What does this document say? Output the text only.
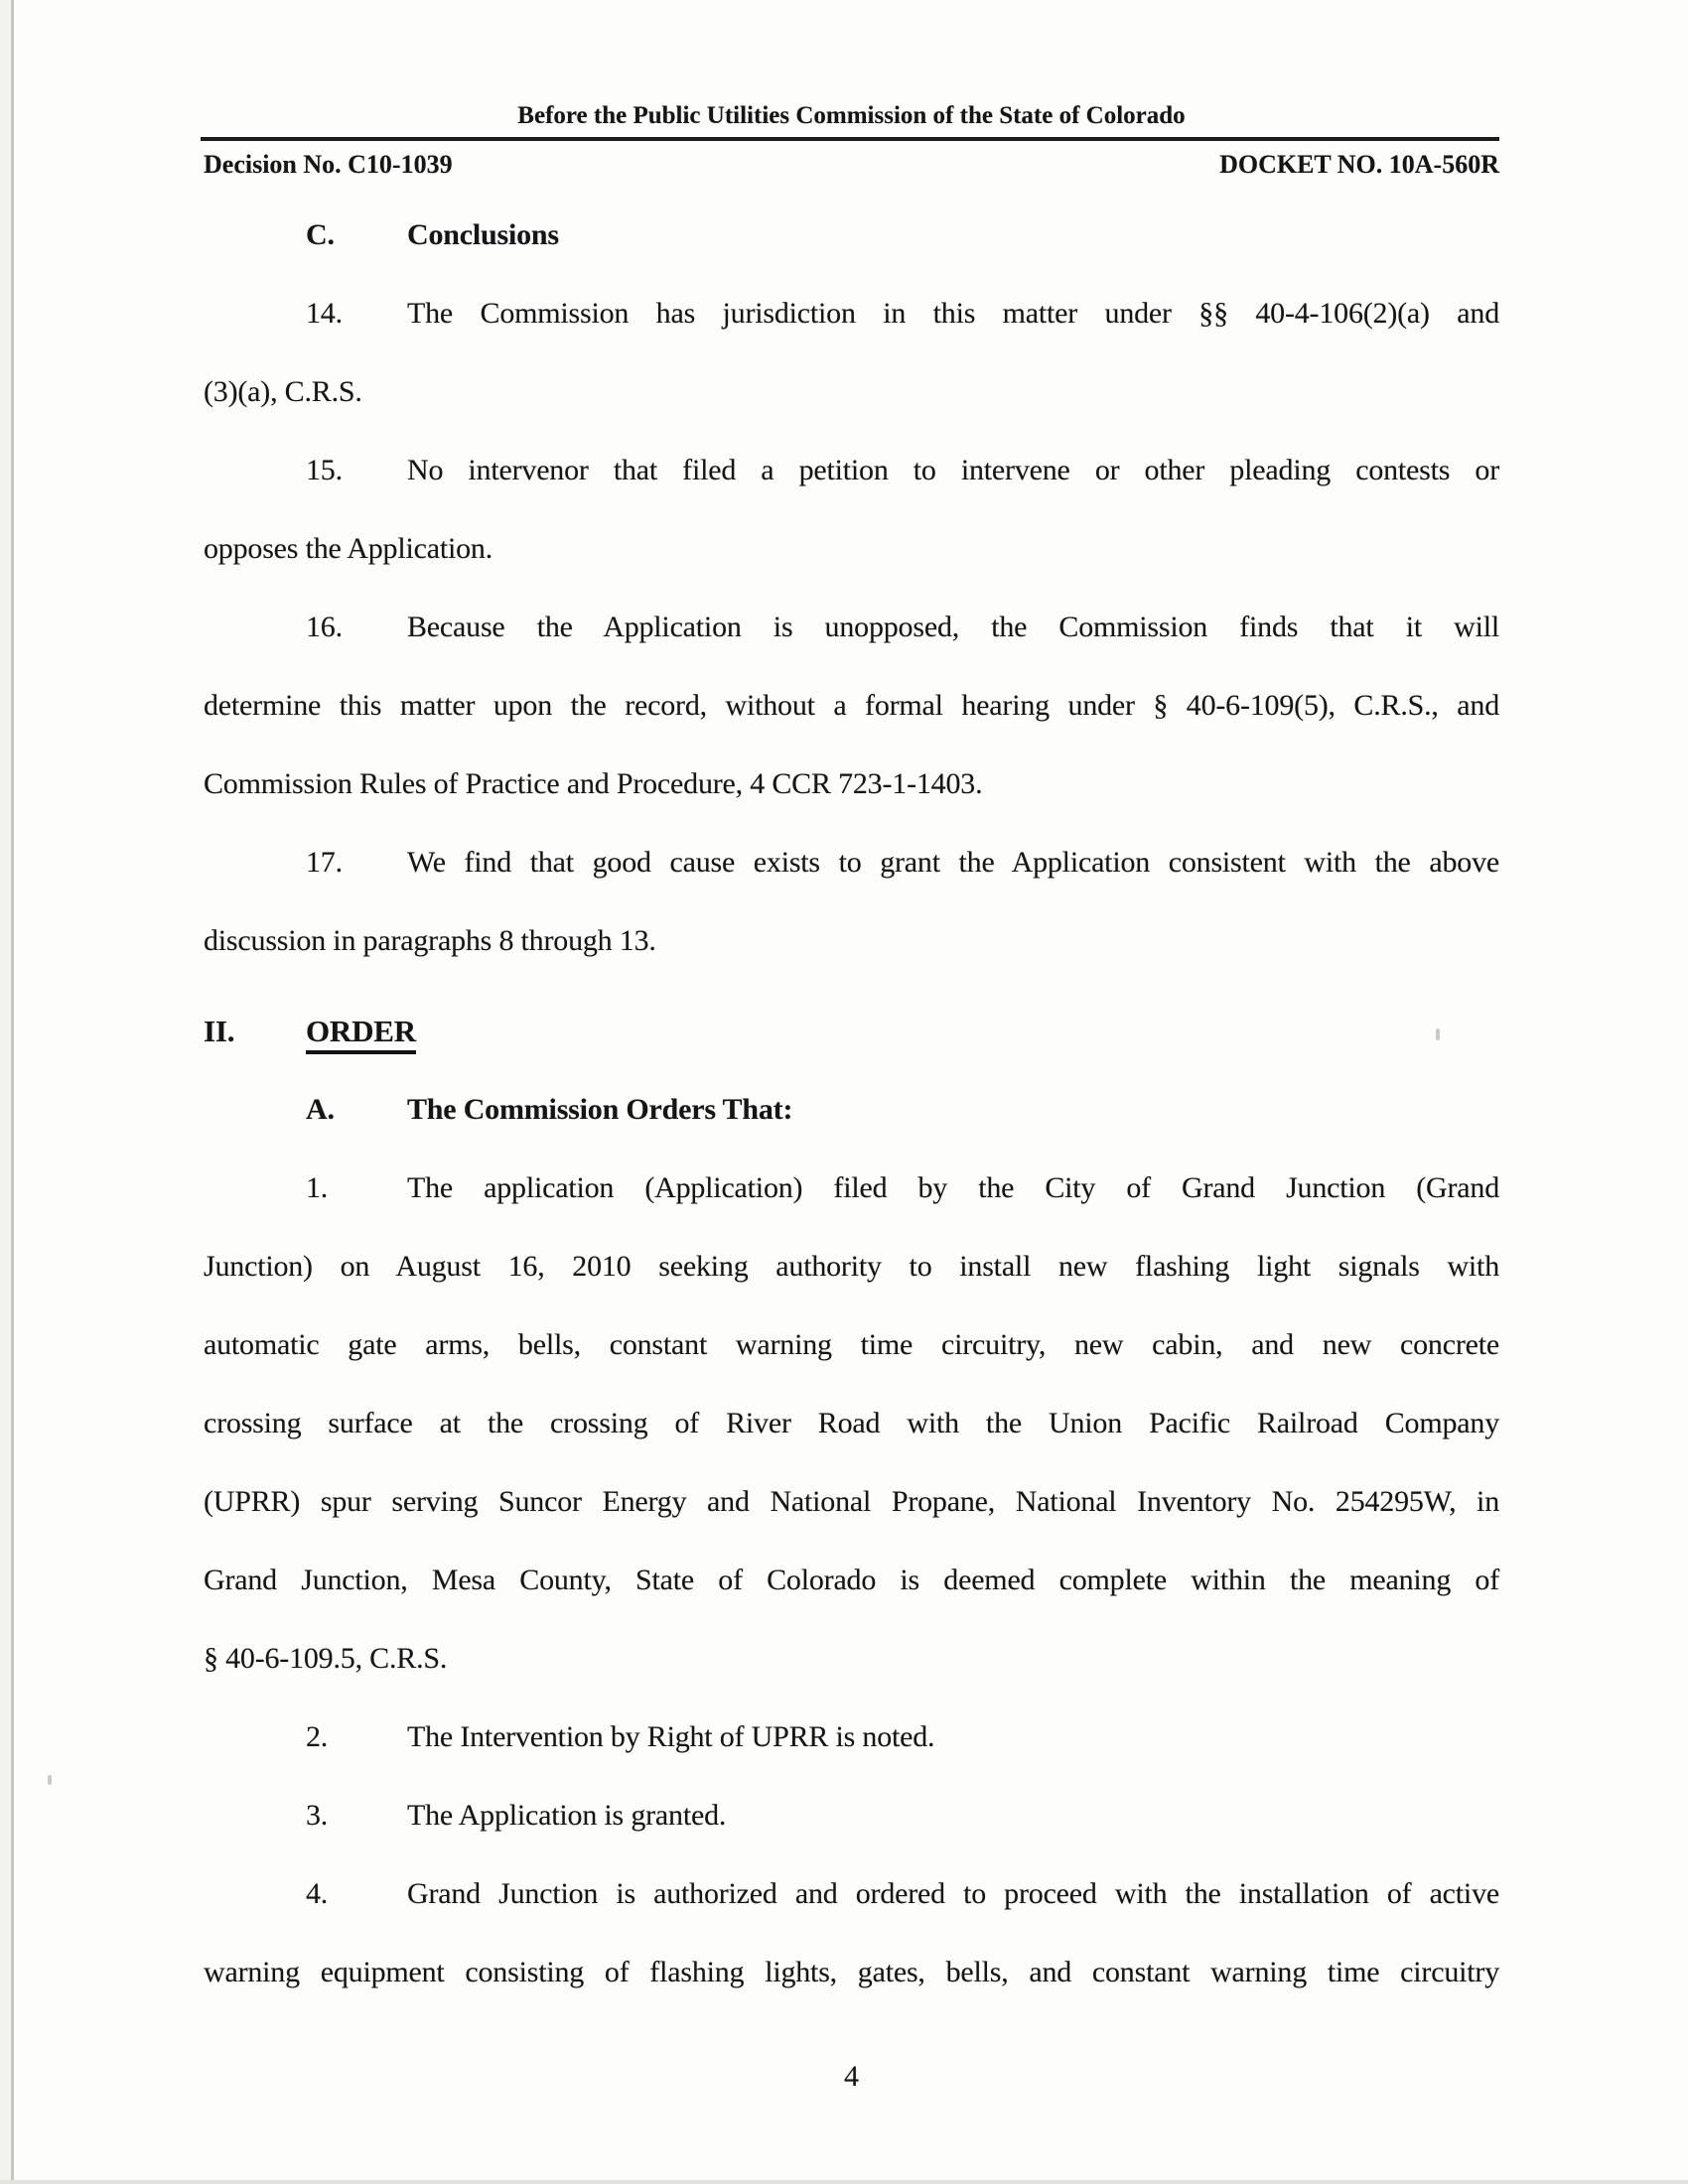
Before the Public Utilities Commission of the State of Colorado
Decision No. C10-1039	DOCKET NO. 10A-560R
C. Conclusions
14. The Commission has jurisdiction in this matter under §§ 40-4-106(2)(a) and
(3)(a), C.R.S.
15. No intervenor that filed a petition to intervene or other pleading contests or
opposes the Application.
16. Because the Application is unopposed, the Commission finds that it will
determine this matter upon the record, without a formal hearing under § 40-6-109(5), C.R.S., and
Commission Rules of Practice and Procedure, 4 CCR 723-1-1403.
17. We find that good cause exists to grant the Application consistent with the above
discussion in paragraphs 8 through 13.
II. ORDER
A. The Commission Orders That:
1.	The application (Application) filed by the City of Grand Junction (Grand
Junction) on August 16, 2010 seeking authority to install new flashing light signals with
automatic gate arms, bells, constant warning time circuitry, new cabin, and new concrete
crossing surface at the crossing of River Road with the Union Pacific Railroad Company
(UPRR) spur serving Suncor Energy and National Propane, National Inventory No. 254295W, in
Grand Junction, Mesa County, State of Colorado is deemed complete within the meaning of
§ 40-6-109.5, C.R.S.
2.	The Intervention by Right of UPRR is noted.
3.	The Application is granted.
4.	Grand Junction is authorized and ordered to proceed with the installation of active
warning equipment consisting of flashing lights, gates, bells, and constant warning time circuitry
4
